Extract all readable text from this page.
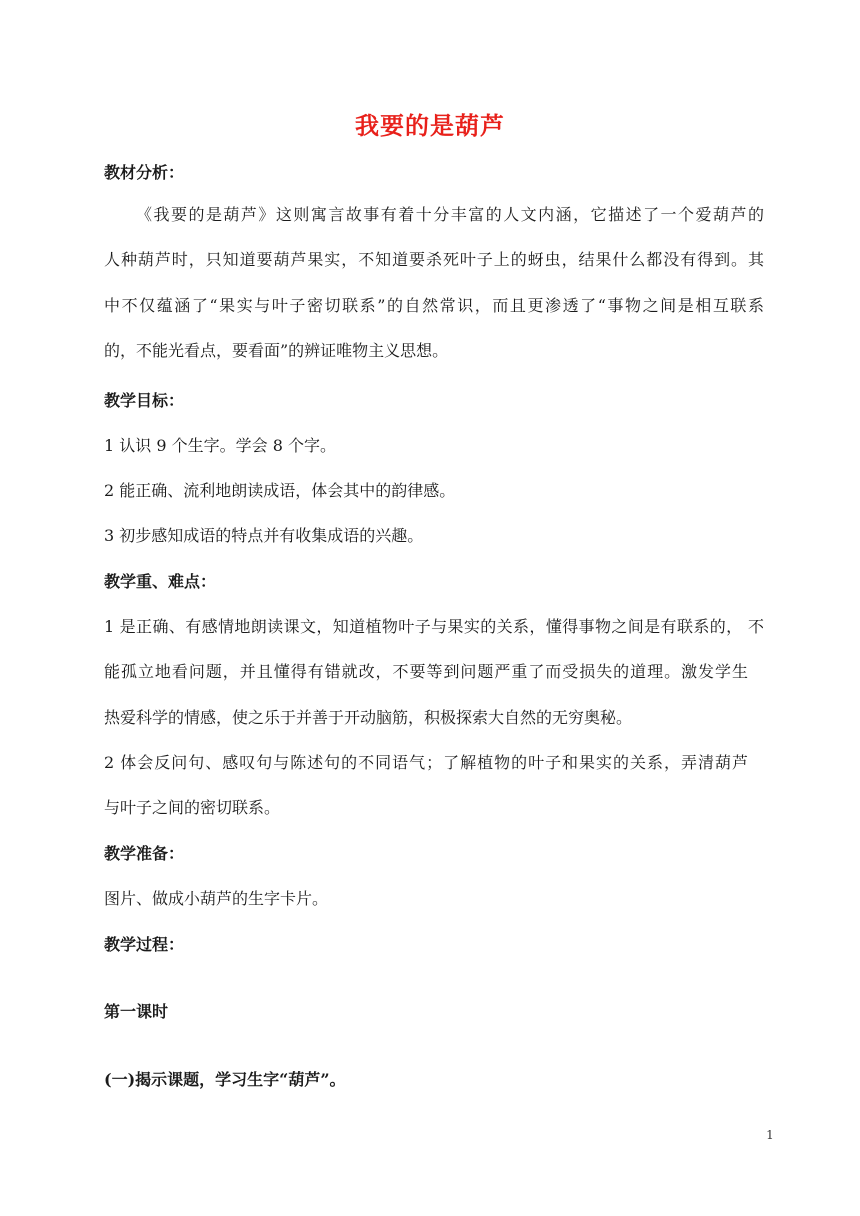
我要的是葫芦
教材分析：
《我要的是葫芦》这则寓言故事有着十分丰富的人文内涵，它描述了一个爱葫芦的
人种葫芦时，只知道要葫芦果实，不知道要杀死叶子上的蚜虫，结果什么都没有得到。其
中不仅蕴涵了“果实与叶子密切联系”的自然常识，而且更渗透了“事物之间是相互联系
的，不能光看点，要看面”的辨证唯物主义思想。
教学目标：
1 认识 9 个生字。学会 8 个字。
2 能正确、流利地朗读成语，体会其中的韵律感。
3 初步感知成语的特点并有收集成语的兴趣。
教学重、难点：
1 是正确、有感情地朗读课文，知道植物叶子与果实的关系，懂得事物之间是有联系的， 不
能孤立地看问题，并且懂得有错就改，不要等到问题严重了而受损失的道理。激发学生
热爱科学的情感，使之乐于并善于开动脑筋，积极探索大自然的无穷奥秘。
2 体会反问句、感叹句与陈述句的不同语气；了解植物的叶子和果实的关系，弄清葫芦
与叶子之间的密切联系。
教学准备：
图片、做成小葫芦的生字卡片。
教学过程：
第一课时
(一)揭示课题，学习生字“葫芦”。
1
